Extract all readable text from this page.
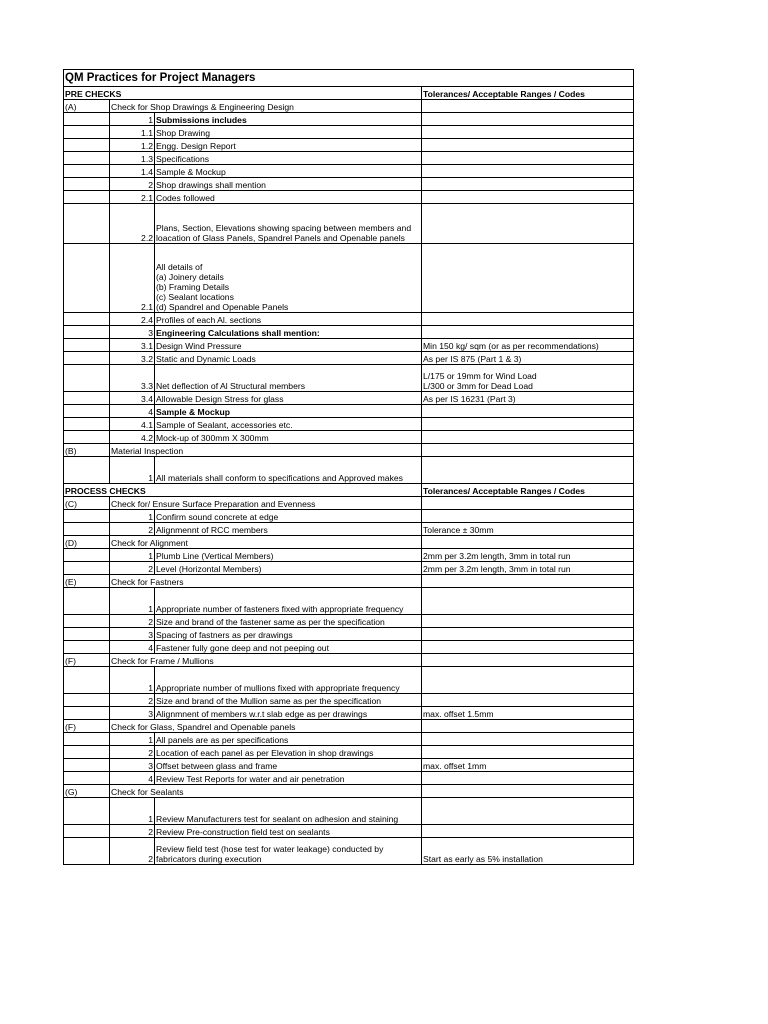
QM Practices for Project Managers			
PRE CHECKS			Tolerances/ Acceptable Ranges / Codes
(A)	Check for Shop Drawings & Engineering Design		
	1	Submissions includes	
	1.1	Shop Drawing	
	1.2	Engg. Design Report	
	1.3	Specifications	
	1.4	Sample & Mockup	
	2	Shop drawings shall mention	
	2.1	Codes followed	
	2.2	Plans, Section, Elevations showing spacing between members and loacation of Glass Panels, Spandrel Panels and Openable panels	
	2.1	All details of
(a) Joinery details
(b) Framing Details
(c) Sealant locations
(d) Spandrel and Openable Panels	

	2.4	Profiles of each Al. sections	
	3	Engineering Calculations shall mention:	
	3.1	Design Wind Pressure	Min 150 kg/ sqm (or as per recommendations)
	3.2	Static and Dynamic Loads	As per IS 875 (Part 1 & 3)
	3.3	Net deflection of Al Structural members	L/175 or 19mm for Wind Load
L/300 or 3mm for Dead Load

	3.4	Allowable Design Stress for glass	As per IS 16231 (Part 3)
	4	Sample & Mockup	
	4.1	Sample of Sealant, accessories etc.	
	4.2	Mock-up of 300mm X 300mm	
(B)	Material Inspection		
	1	All materials shall conform to specifications and Approved makes	
PROCESS CHECKS			Tolerances/ Acceptable Ranges / Codes
(C)	Check for/ Ensure Surface Preparation and Evenness		
	1	Confirm sound concrete at edge	
	2	Alignmennt of RCC members	Tolerance ± 30mm
(D)	Check for Alignment		
	1	Plumb Line (Vertical Members)	2mm per 3.2m length, 3mm in total run
	2	Level (Horizontal Members)	2mm per 3.2m length, 3mm in total run
(E)	Check for Fastners		
	1	Appropriate number of fasteners fixed with appropriate frequency	
	2	Size and brand of the fastener same as per the specification	
	3	Spacing of fastners as per drawings	
	4	Fastener fully gone deep and not peeping out	
(F)	Check for Frame / Mullions		
	1	Appropriate number of mullions fixed with appropriate frequency	
	2	Size and brand of the Mullion same as per the specification	
	3	Alignmnent of members w.r.t slab edge as per drawings	max. offset 1.5mm
(F)	Check for Glass, Spandrel and Openable panels		
	1	All panels are as per specifications	
	2	Location of each panel as per Elevation in shop drawings	
	3	Offset between glass and frame	max. offset 1mm
	4	Review Test Reports for water and air penetration	
(G)	Check for Sealants		
	1	Review Manufacturers test for sealant on adhesion and staining	
	2	Review Pre-construction field test on sealants	
	2	Review field test (hose test for water leakage) conducted by fabricators during execution	Start as early as 5% installation
